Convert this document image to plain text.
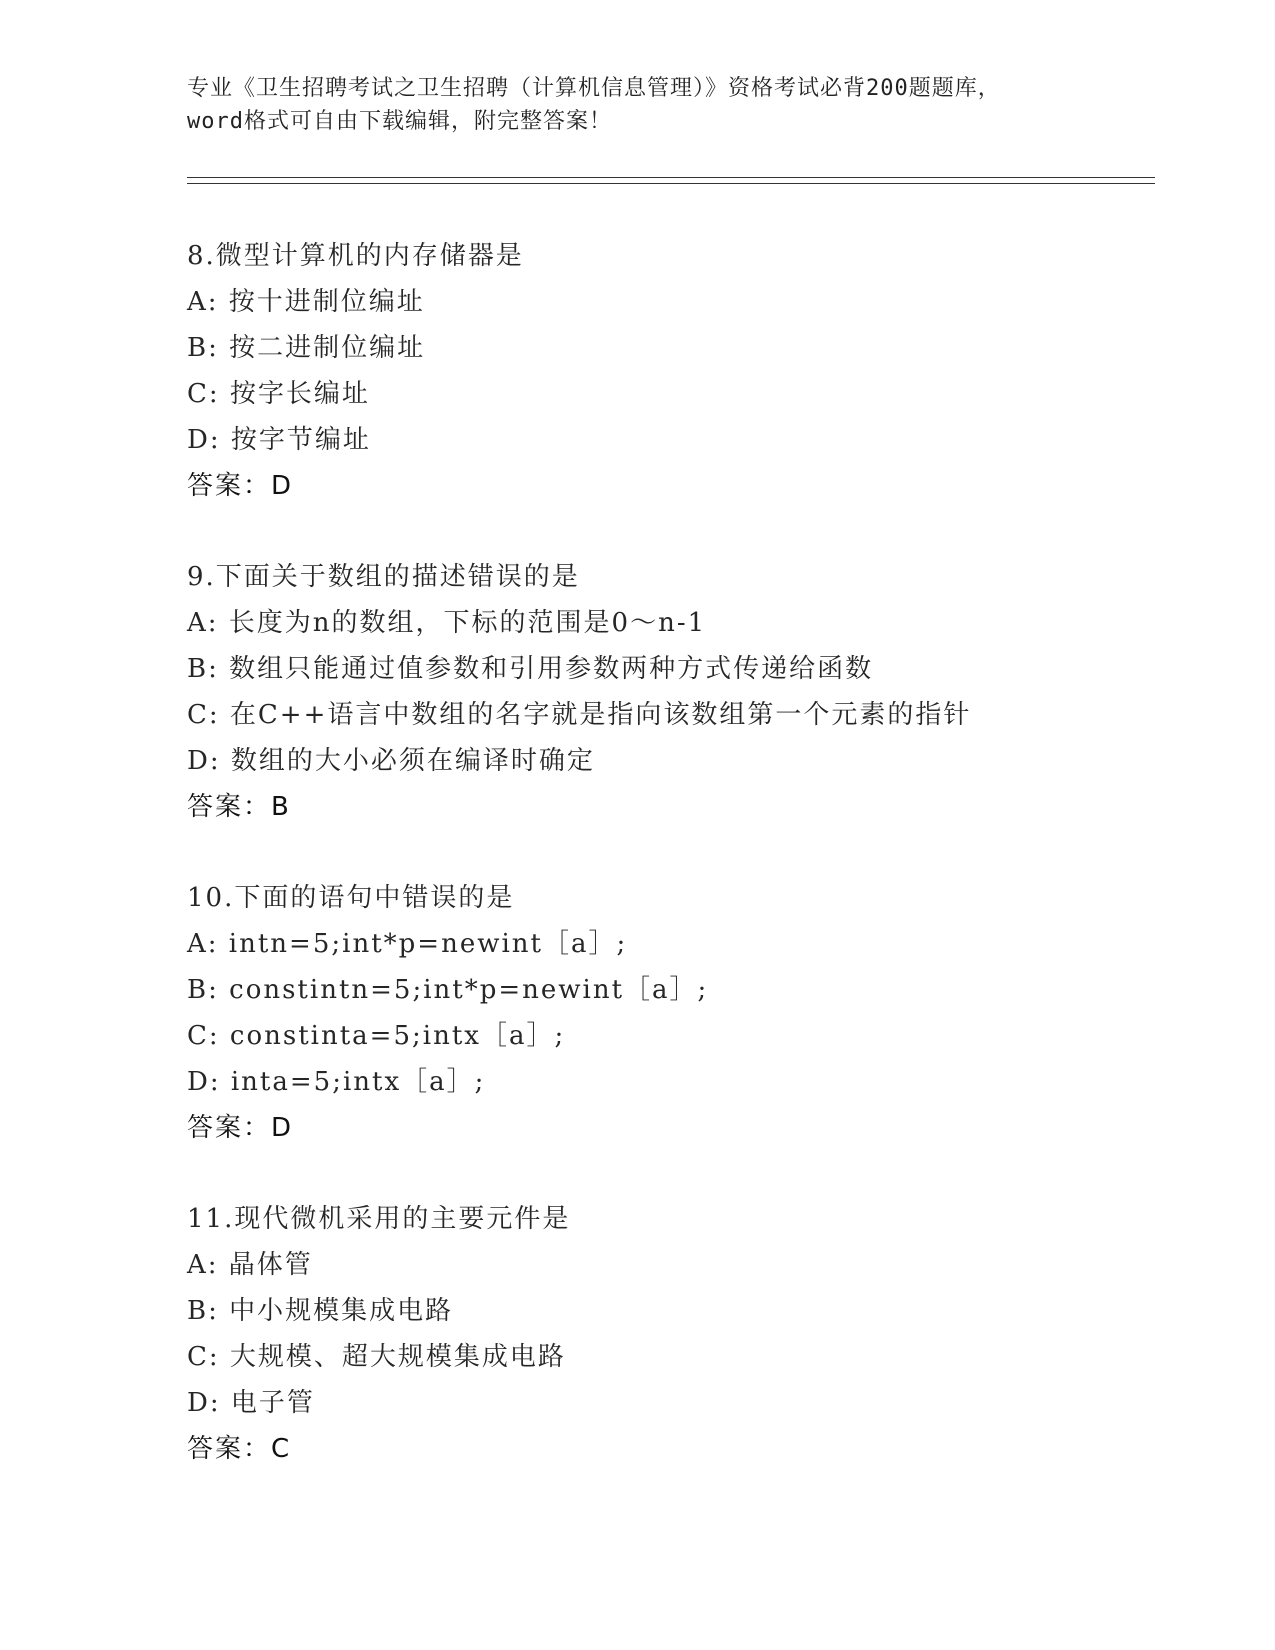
专业《卫生招聘考试之卫生招聘（计算机信息管理）》资格考试必背200题题库，
word格式可自由下载编辑，附完整答案！
8.微型计算机的内存储器是
A: 按十进制位编址
B: 按二进制位编址
C: 按字长编址
D: 按字节编址
答案：D
9.下面关于数组的描述错误的是
A: 长度为n的数组，下标的范围是0～n-1
B: 数组只能通过值参数和引用参数两种方式传递给函数
C: 在C++语言中数组的名字就是指向该数组第一个元素的指针
D: 数组的大小必须在编译时确定
答案：B
10.下面的语句中错误的是
A: intn=5;int*p=newint［a］;
B: constintn=5;int*p=newint［a］;
C: constinta=5;intx［a］;
D: inta=5;intx［a］;
答案：D
11.现代微机采用的主要元件是
A: 晶体管
B: 中小规模集成电路
C: 大规模、超大规模集成电路
D: 电子管
答案：C
